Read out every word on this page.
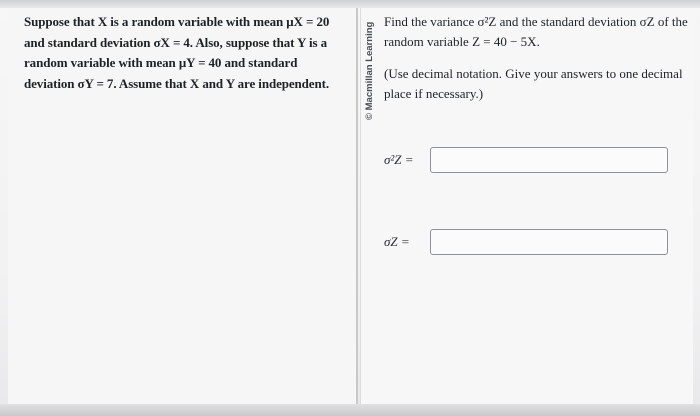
Suppose that X is a random variable with mean μX = 20
and standard deviation σX = 4. Also, suppose that Y is a
random variable with mean μY = 40 and standard
deviation σY = 7. Assume that X and Y are independent.	© Macmillan Learning
Find the variance σ²Z and the standard deviation σZ of the
random variable Z = 40 − 5X.
(Use decimal notation. Give your answers to one decimal
place if necessary.)
σ²Z =
σZ =
